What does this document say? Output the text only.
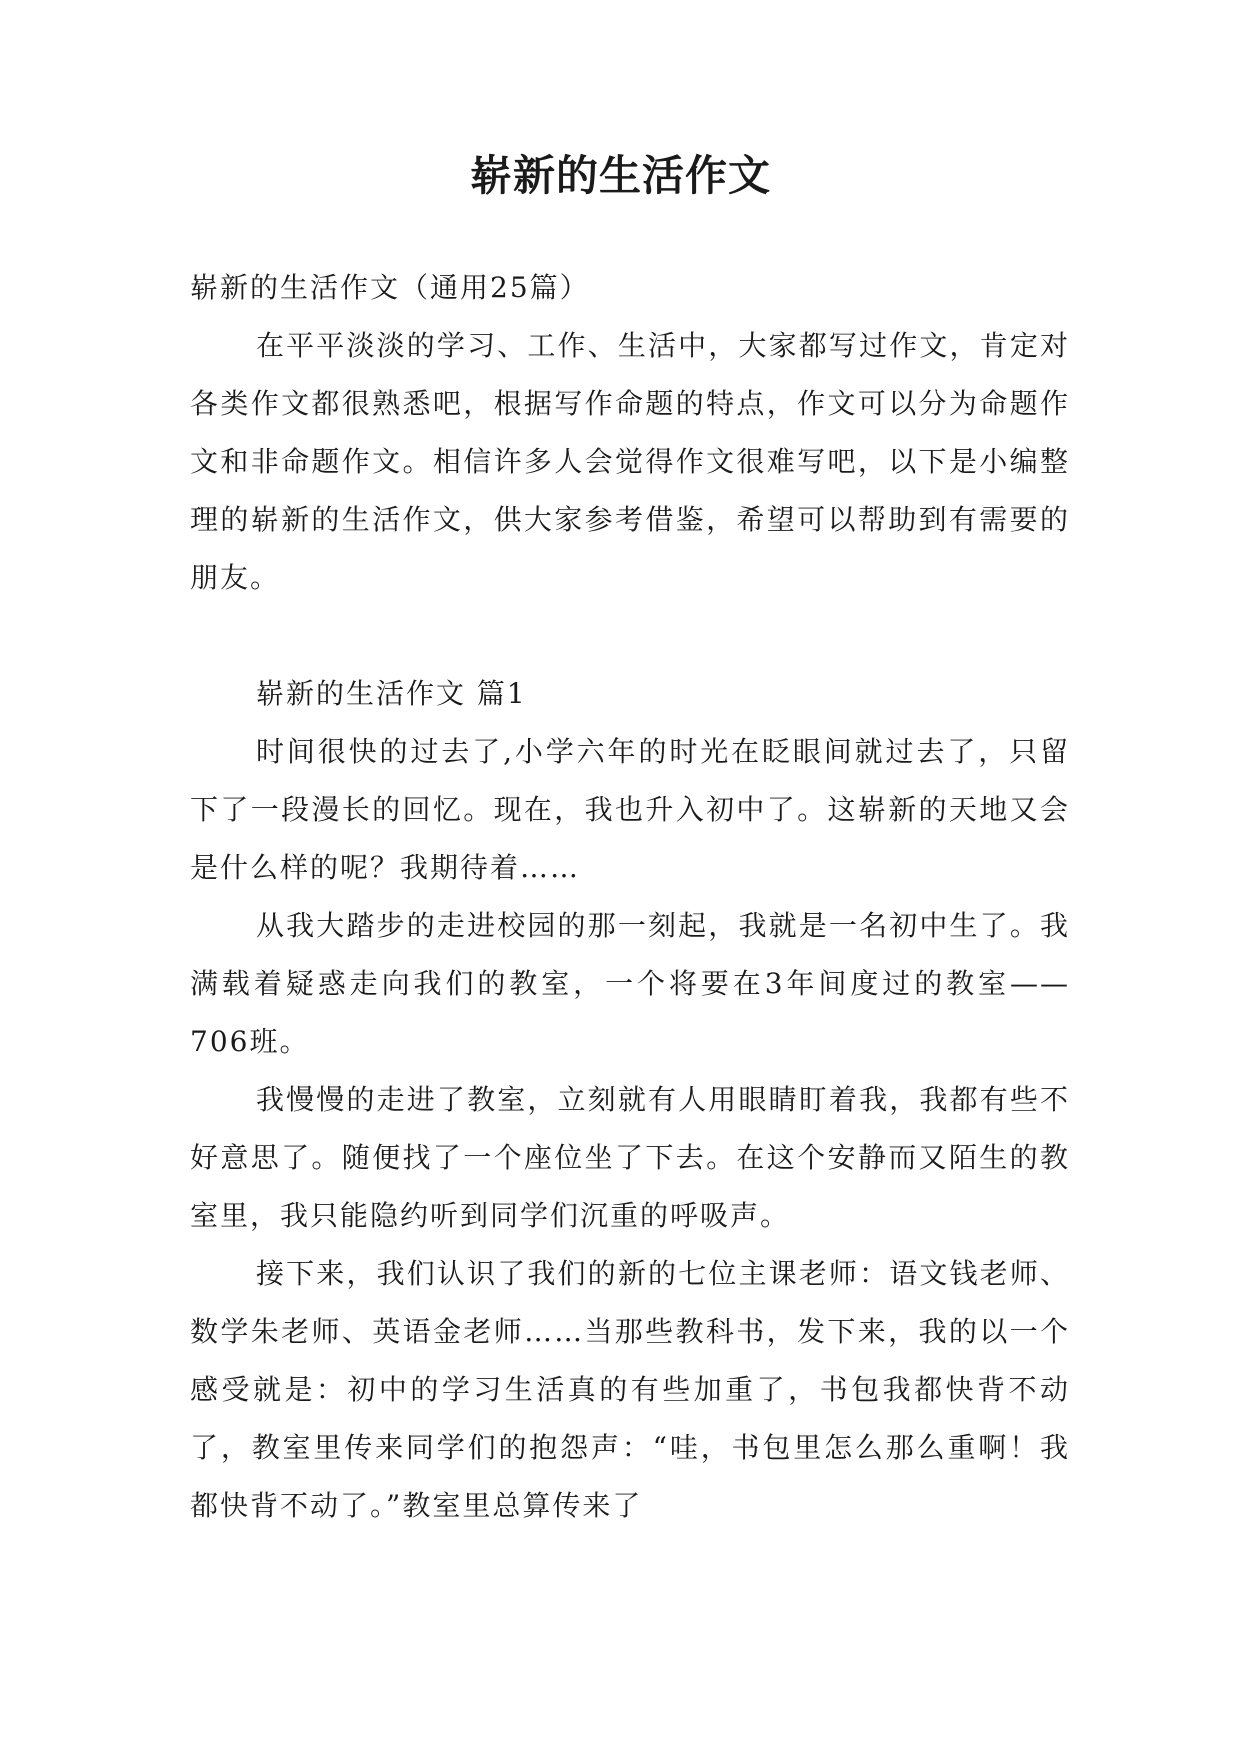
崭新的生活作文

崭新的生活作文（通用25篇）

在平平淡淡的学习、工作、生活中，大家都写过作文，肯定对各类作文都很熟悉吧，根据写作命题的特点，作文可以分为命题作文和非命题作文。相信许多人会觉得作文很难写吧，以下是小编整理的崭新的生活作文，供大家参考借鉴，希望可以帮助到有需要的朋友。

崭新的生活作文 篇1

时间很快的过去了,小学六年的时光在眨眼间就过去了，只留下了一段漫长的回忆。现在，我也升入初中了。这崭新的天地又会是什么样的呢？我期待着……

从我大踏步的走进校园的那一刻起，我就是一名初中生了。我满载着疑惑走向我们的教室，一个将要在3年间度过的教室——706班。

我慢慢的走进了教室，立刻就有人用眼睛盯着我，我都有些不好意思了。随便找了一个座位坐了下去。在这个安静而又陌生的教室里，我只能隐约听到同学们沉重的呼吸声。

接下来，我们认识了我们的新的七位主课老师：语文钱老师、数学朱老师、英语金老师……当那些教科书，发下来，我的以一个感受就是：初中的学习生活真的有些加重了，书包我都快背不动了，教室里传来同学们的抱怨声：“哇，书包里怎么那么重啊！我都快背不动了。”教室里总算传来了
